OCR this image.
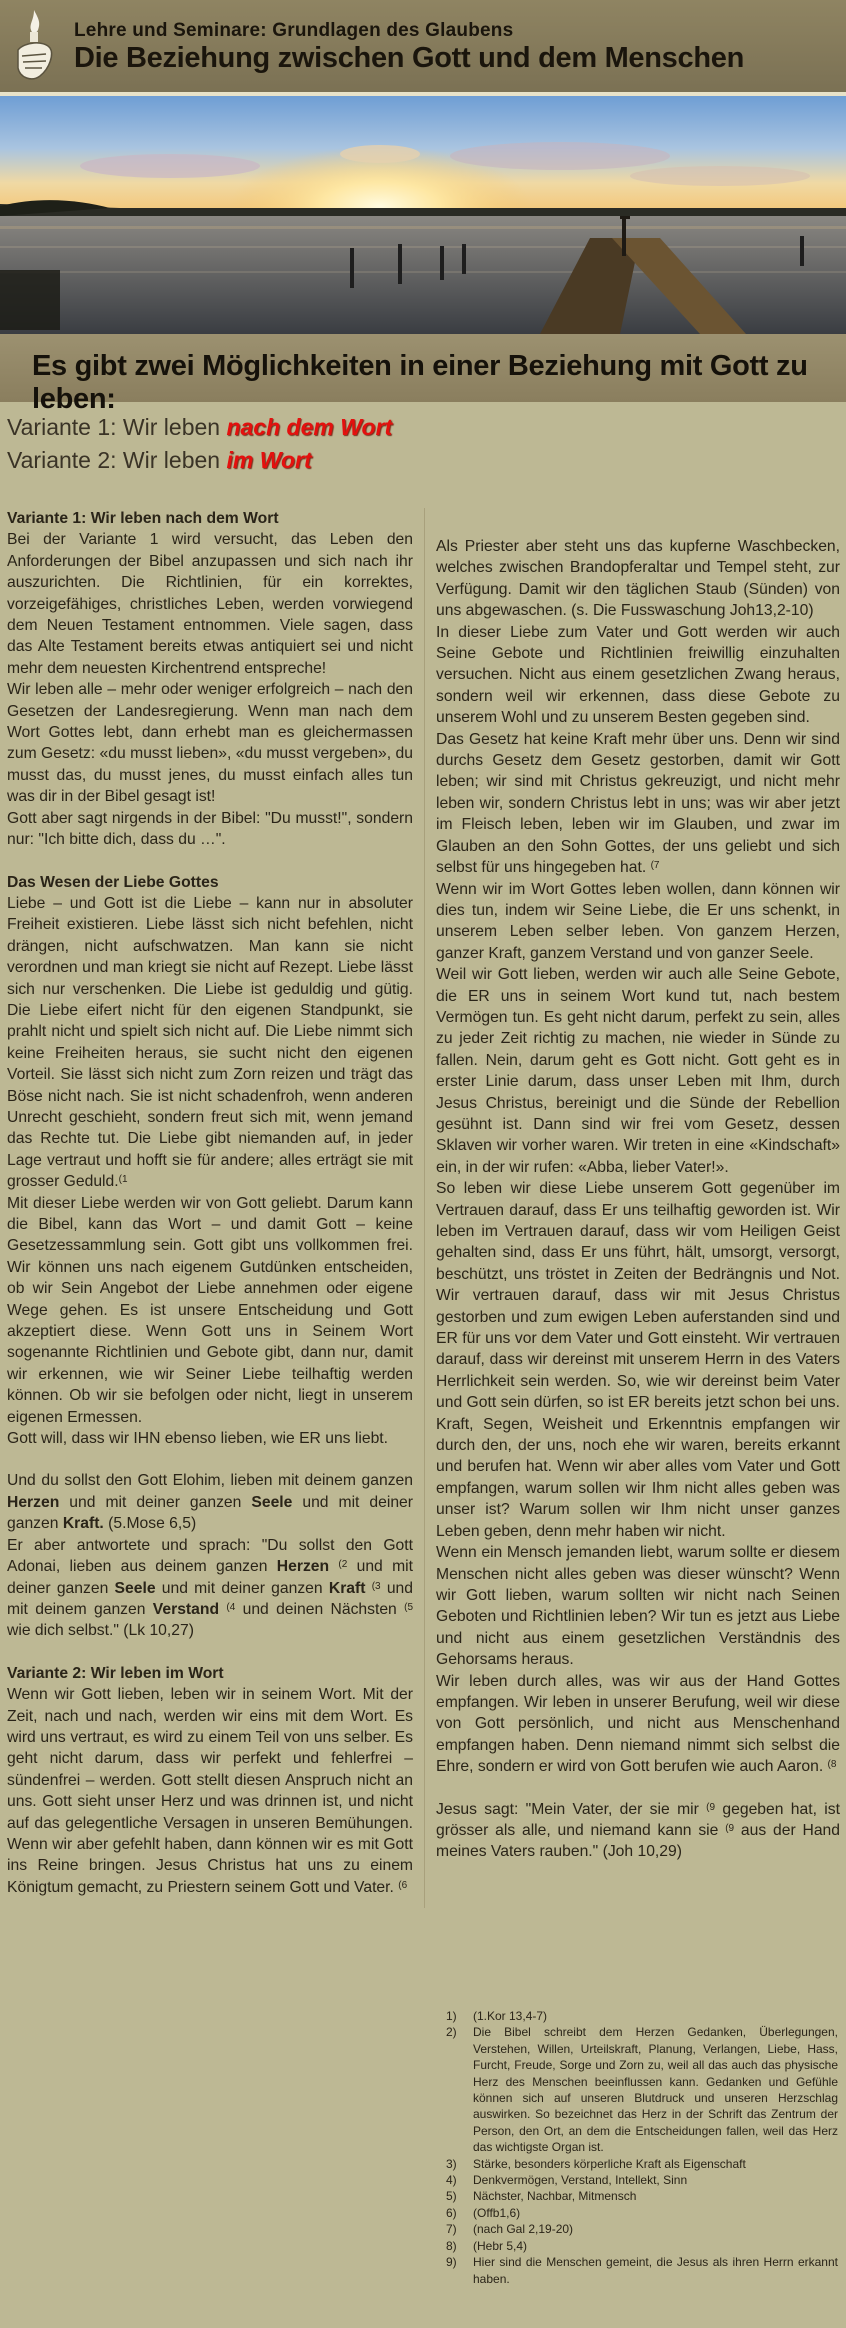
Lehre und Seminare: Grundlagen des Glaubens
Die Beziehung zwischen Gott und dem Menschen
Es gibt zwei Möglichkeiten in einer Beziehung mit Gott zu leben:
Variante 1: Wir leben nach dem Wort
Variante 2: Wir leben im Wort
Variante 1: Wir leben nach dem Wort

Bei der Variante 1 wird versucht, das Leben den Anforderungen der Bibel anzupassen und sich nach ihr auszurichten. Die Richtlinien, für ein korrektes, vorzeigefähiges, christliches Leben, werden vorwiegend dem Neuen Testament entnommen. Viele sagen, dass das Alte Testament bereits etwas antiquiert sei und nicht mehr dem neuesten Kirchentrend entspreche!

Wir leben alle – mehr oder weniger erfolgreich – nach den Gesetzen der Landesregierung. Wenn man nach dem Wort Gottes lebt, dann erhebt man es gleichermassen zum Gesetz: «du musst lieben», «du musst vergeben», du musst das, du musst jenes, du musst einfach alles tun was dir in der Bibel gesagt ist!

Gott aber sagt nirgends in der Bibel: "Du musst!", sondern nur: "Ich bitte dich, dass du …".

Das Wesen der Liebe Gottes

Liebe – und Gott ist die Liebe – kann nur in absoluter Freiheit existieren. Liebe lässt sich nicht befehlen, nicht drängen, nicht aufschwatzen. Man kann sie nicht verordnen und man kriegt sie nicht auf Rezept. Liebe lässt sich nur verschenken. Die Liebe ist geduldig und gütig. Die Liebe eifert nicht für den eigenen Standpunkt, sie prahlt nicht und spielt sich nicht auf. Die Liebe nimmt sich keine Freiheiten heraus, sie sucht nicht den eigenen Vorteil. Sie lässt sich nicht zum Zorn reizen und trägt das Böse nicht nach. Sie ist nicht schadenfroh, wenn anderen Unrecht geschieht, sondern freut sich mit, wenn jemand das Rechte tut. Die Liebe gibt niemanden auf, in jeder Lage vertraut und hofft sie für andere; alles erträgt sie mit grosser Geduld.$^{(1}$

Mit dieser Liebe werden wir von Gott geliebt. Darum kann die Bibel, kann das Wort – und damit Gott – keine Gesetzessammlung sein. Gott gibt uns vollkommen frei. Wir können uns nach eigenem Gutdünken entscheiden, ob wir Sein Angebot der Liebe annehmen oder eigene Wege gehen. Es ist unsere Entscheidung und Gott akzeptiert diese. Wenn Gott uns in Seinem Wort sogenannte Richtlinien und Gebote gibt, dann nur, damit wir erkennen, wie wir Seiner Liebe teilhaftig werden können. Ob wir sie befolgen oder nicht, liegt in unserem eigenen Ermessen.

Gott will, dass wir IHN ebenso lieben, wie ER uns liebt.

Und du sollst den Gott Elohim, lieben mit deinem ganzen Herzen und mit deiner ganzen Seele und mit deiner ganzen Kraft. (5.Mose 6,5)

Er aber antwortete und sprach: "Du sollst den Gott Adonai, lieben aus deinem ganzen Herzen $^{(2}$ und mit deiner ganzen Seele und mit deiner ganzen Kraft $^{(3}$ und mit deinem ganzen Verstand $^{(4}$ und deinen Nächsten $^{(5}$ wie dich selbst." (Lk 10,27)

Variante 2: Wir leben im Wort

Wenn wir Gott lieben, leben wir in seinem Wort. Mit der Zeit, nach und nach, werden wir eins mit dem Wort. Es wird uns vertraut, es wird zu einem Teil von uns selber. Es geht nicht darum, dass wir perfekt und fehlerfrei – sündenfrei – werden. Gott stellt diesen Anspruch nicht an uns. Gott sieht unser Herz und was drinnen ist, und nicht auf das gelegentliche Versagen in unseren Bemühungen. Wenn wir aber gefehlt haben, dann können wir es mit Gott ins Reine bringen. Jesus Christus hat uns zu einem Königtum gemacht, zu Priestern seinem Gott und Vater. $^{(6}$

Als Priester aber steht uns das kupferne Waschbecken, welches zwischen Brandopferaltar und Tempel steht, zur Verfügung. Damit wir den täglichen Staub (Sünden) von uns abgewaschen. (s. Die Fusswaschung Joh13,2-10)

In dieser Liebe zum Vater und Gott werden wir auch Seine Gebote und Richtlinien freiwillig einzuhalten versuchen. Nicht aus einem gesetzlichen Zwang heraus, sondern weil wir erkennen, dass diese Gebote zu unserem Wohl und zu unserem Besten gegeben sind.

Das Gesetz hat keine Kraft mehr über uns. Denn wir sind durchs Gesetz dem Gesetz gestorben, damit wir Gott leben; wir sind mit Christus gekreuzigt, und nicht mehr leben wir, sondern Christus lebt in uns; was wir aber jetzt im Fleisch leben, leben wir im Glauben, und zwar im Glauben an den Sohn Gottes, der uns geliebt und sich selbst für uns hingegeben hat. $^{(7}$

Wenn wir im Wort Gottes leben wollen, dann können wir dies tun, indem wir Seine Liebe, die Er uns schenkt, in unserem Leben selber leben. Von ganzem Herzen, ganzer Kraft, ganzem Verstand und von ganzer Seele.

Weil wir Gott lieben, werden wir auch alle Seine Gebote, die ER uns in seinem Wort kund tut, nach bestem Vermögen tun. Es geht nicht darum, perfekt zu sein, alles zu jeder Zeit richtig zu machen, nie wieder in Sünde zu fallen. Nein, darum geht es Gott nicht. Gott geht es in erster Linie darum, dass unser Leben mit Ihm, durch Jesus Christus, bereinigt und die Sünde der Rebellion gesühnt ist. Dann sind wir frei vom Gesetz, dessen Sklaven wir vorher waren. Wir treten in eine «Kindschaft» ein, in der wir rufen: «Abba, lieber Vater!».

So leben wir diese Liebe unserem Gott gegenüber im Vertrauen darauf, dass Er uns teilhaftig geworden ist. Wir leben im Vertrauen darauf, dass wir vom Heiligen Geist gehalten sind, dass Er uns führt, hält, umsorgt, versorgt, beschützt, uns tröstet in Zeiten der Bedrängnis und Not. Wir vertrauen darauf, dass wir mit Jesus Christus gestorben und zum ewigen Leben auferstanden sind und ER für uns vor dem Vater und Gott einsteht. Wir vertrauen darauf, dass wir dereinst mit unserem Herrn in des Vaters Herrlichkeit sein werden. So, wie wir dereinst beim Vater und Gott sein dürfen, so ist ER bereits jetzt schon bei uns. Kraft, Segen, Weisheit und Erkenntnis empfangen wir durch den, der uns, noch ehe wir waren, bereits erkannt und berufen hat. Wenn wir aber alles vom Vater und Gott empfangen, warum sollen wir Ihm nicht alles geben was unser ist? Warum sollen wir Ihm nicht unser ganzes Leben geben, denn mehr haben wir nicht.

Wenn ein Mensch jemanden liebt, warum sollte er diesem Menschen nicht alles geben was dieser wünscht? Wenn wir Gott lieben, warum sollten wir nicht nach Seinen Geboten und Richtlinien leben? Wir tun es jetzt aus Liebe und nicht aus einem gesetzlichen Verständnis des Gehorsams heraus.

Wir leben durch alles, was wir aus der Hand Gottes empfangen. Wir leben in unserer Berufung, weil wir diese von Gott persönlich, und nicht aus Menschenhand empfangen haben. Denn niemand nimmt sich selbst die Ehre, sondern er wird von Gott berufen wie auch Aaron. $^{(8}$

Jesus sagt: "Mein Vater, der sie mir $^{(9}$ gegeben hat, ist grösser als alle, und niemand kann sie $^{(9}$ aus der Hand meines Vaters rauben." (Joh 10,29)

1)	(1.Kor 13,4-7)
2)	Die Bibel schreibt dem Herzen Gedanken, Überlegungen, Verstehen, Willen, Urteilskraft, Planung, Verlangen, Liebe, Hass, Furcht, Freude, Sorge und Zorn zu, weil all das auch das physische Herz des Menschen beeinflussen kann. Gedanken und Gefühle können sich auf unseren Blutdruck und unseren Herzschlag auswirken. So bezeichnet das Herz in der Schrift das Zentrum der Person, den Ort, an dem die Entscheidungen fallen, weil das Herz das wichtigste Organ ist.
3)	Stärke, besonders körperliche Kraft als Eigenschaft
4)	Denkvermögen, Verstand, Intellekt, Sinn
5)	Nächster, Nachbar, Mitmensch
6)	(Offb1,6)
7)	(nach Gal 2,19-20)
8)	(Hebr 5,4)
9)	Hier sind die Menschen gemeint, die Jesus als ihren Herrn erkannt haben.
